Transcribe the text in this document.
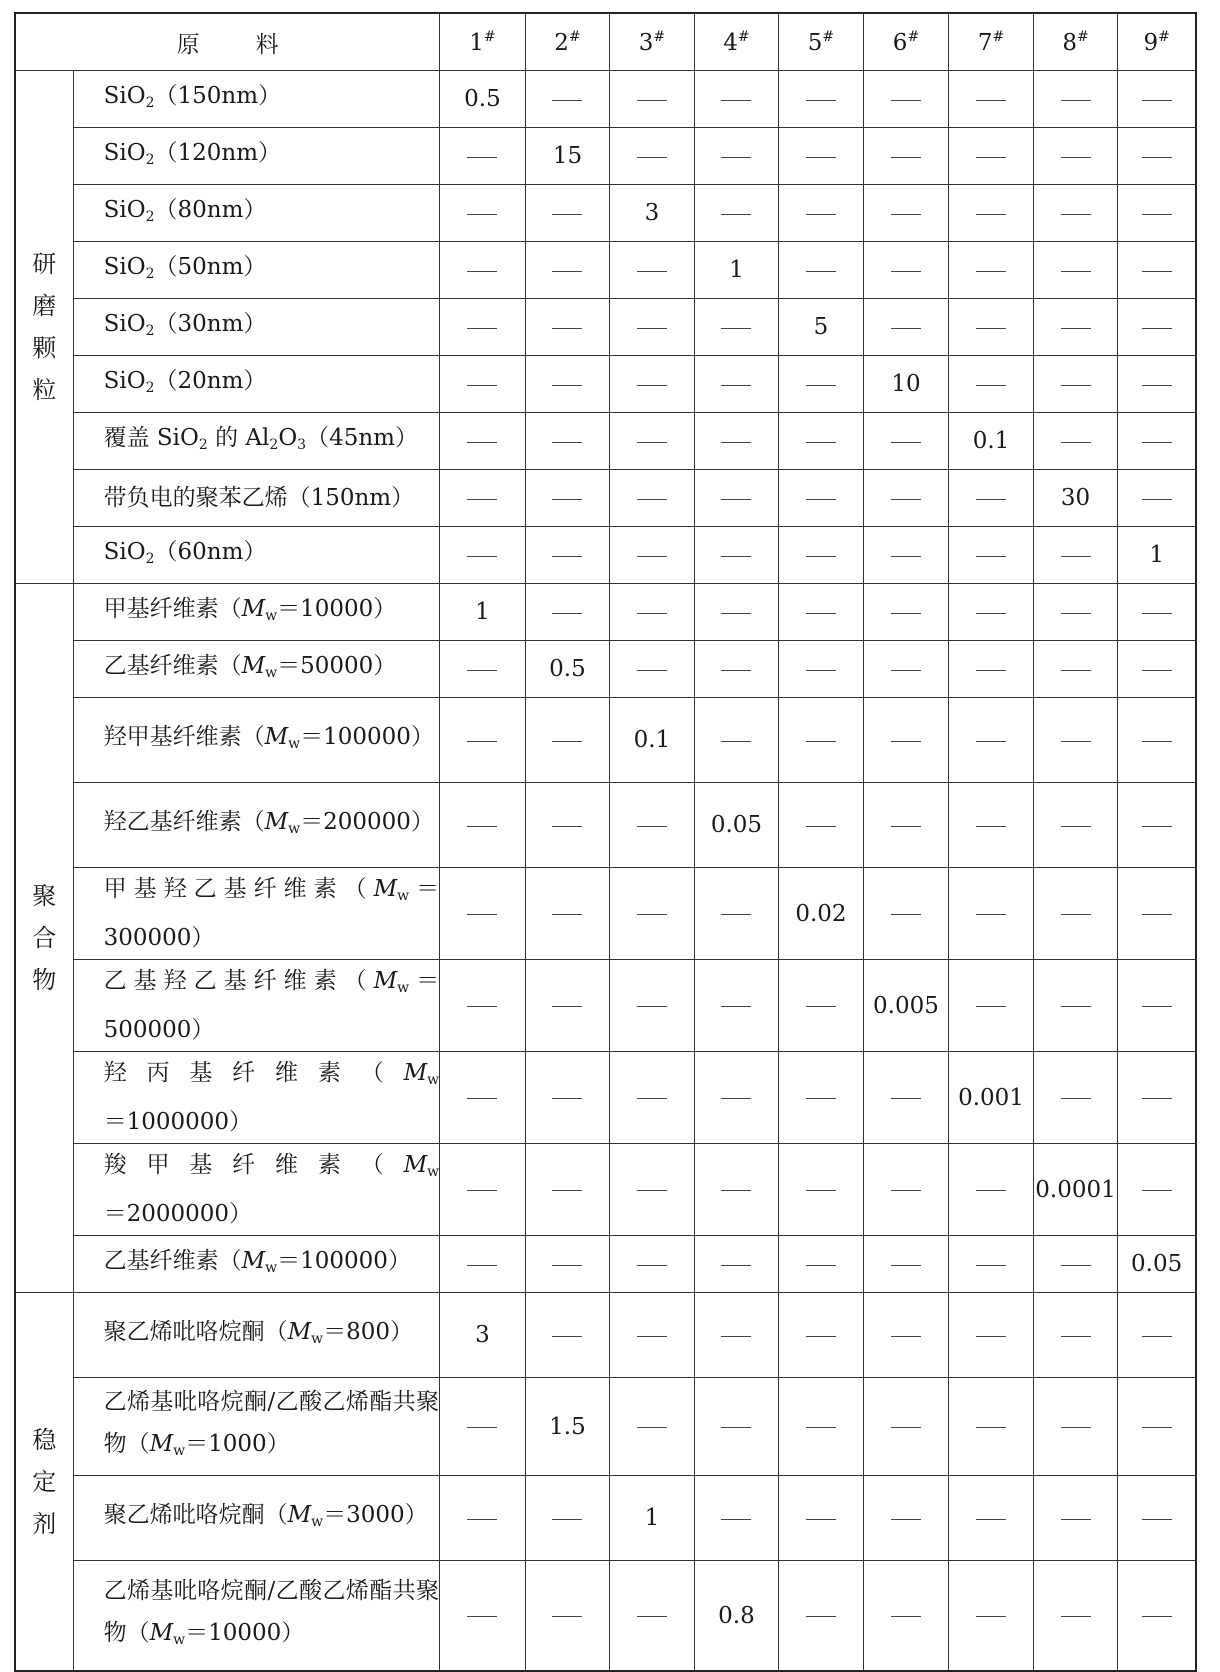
原 料		1#	2#	3#	4#	5#	6#	7#	8#	9#
研磨颗粒	SiO$_2$（150nm）	0.5								
	SiO$_2$（120nm）		15							
	SiO$_2$（80nm）			3						
	SiO$_2$（50nm）				1					
	SiO$_2$（30nm）					5				
	SiO$_2$（20nm）						10			
	覆盖 SiO$_2$ 的 $Al_2O_3(45nm)$							0.1		
	带负电的聚苯乙烯（150nm）								30	
	SiO$_2$（60nm）									1
聚合物	甲基纤维素$(M_w=10000)$	1								
	乙基纤维素$(M_w=50000)$		0.5							
	羟甲基纤维素$(M_w=100000)$			0.1						
	羟乙基纤维素$(M_w=200000)$				0.05					
	甲基羟乙基纤维素$(M_w=300000)$					0.02				
	乙基羟乙基纤维素$(M_w=500000)$						0.005			
	羟丙基纤维素$(M_w=1000000)$							0.001		
	羧甲基纤维素$(M_w=2000000)$								0.0001	
	乙基纤维素$(M_w=100000)$									0.05
稳定剂	聚乙烯吡咯烷酮$(M_w=800)$	3								
	乙烯基吡咯烷酮/乙酸乙烯酯共聚物$(M_w=1000)$		1.5							
	聚乙烯吡咯烷酮$(M_w=3000)$			1						
	乙烯基吡咯烷酮/乙酸乙烯酯共聚物$(M_w=10000)$				0.8					
